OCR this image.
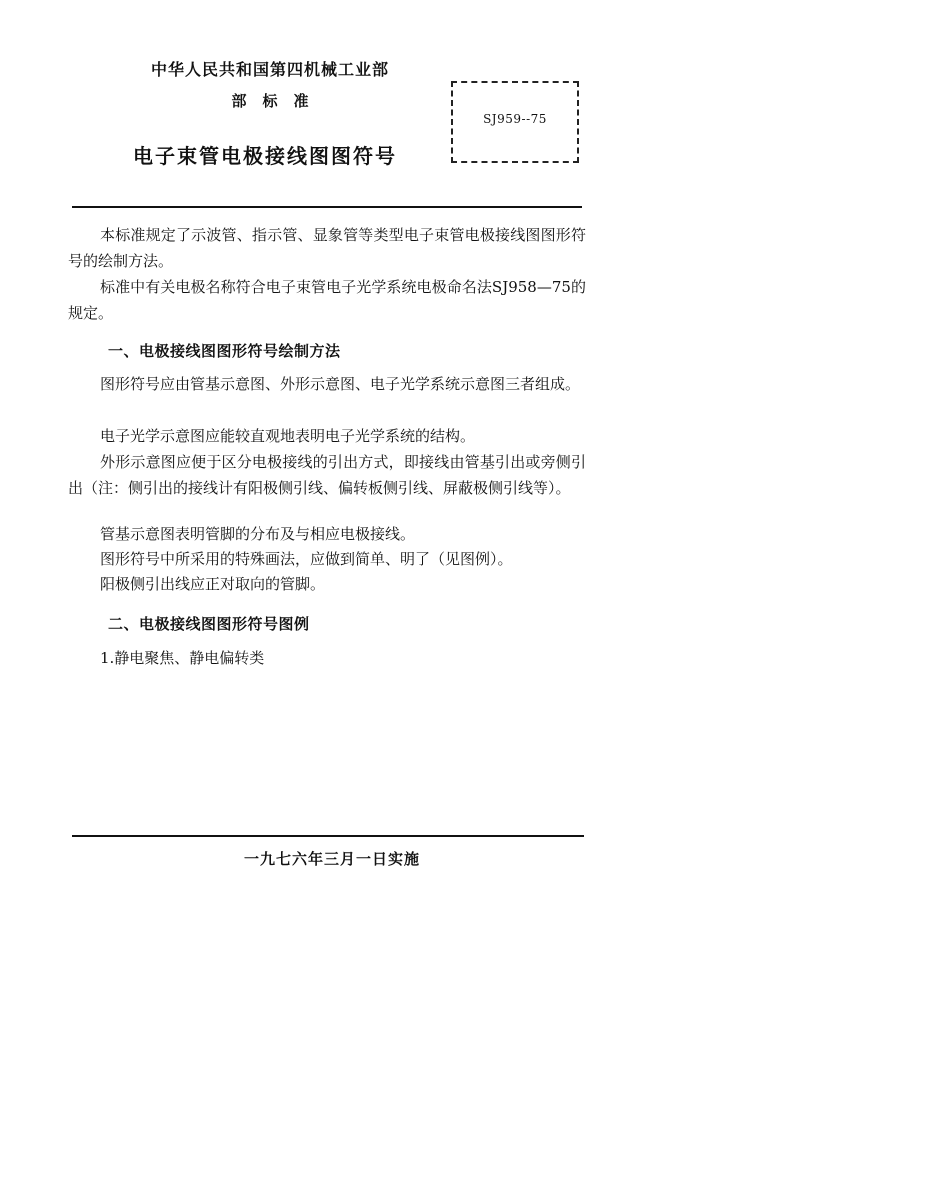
中华人民共和国第四机械工业部
部标准
电子束管电极接线图图符号
SJ959--75

本标准规定了示波管、指示管、显象管等类型电子束管电极接线图图形符号的绘制方法。

标准中有关电极名称符合电子束管电子光学系统电极命名法SJ958—75的规定。

一、电极接线图图形符号绘制方法

图形符号应由管基示意图、外形示意图、电子光学系统示意图三者组成。

电子光学示意图应能较直观地表明电子光学系统的结构。

外形示意图应便于区分电极接线的引出方式，即接线由管基引出或旁侧引出（注：侧引出的接线计有阳极侧引线、偏转板侧引线、屏蔽极侧引线等）。

管基示意图表明管脚的分布及与相应电极接线。

图形符号中所采用的特殊画法，应做到简单、明了（见图例）。

阳极侧引出线应正对取向的管脚。

二、电极接线图图形符号图例

1.静电聚焦、静电偏转类

一九七六年三月一日实施
